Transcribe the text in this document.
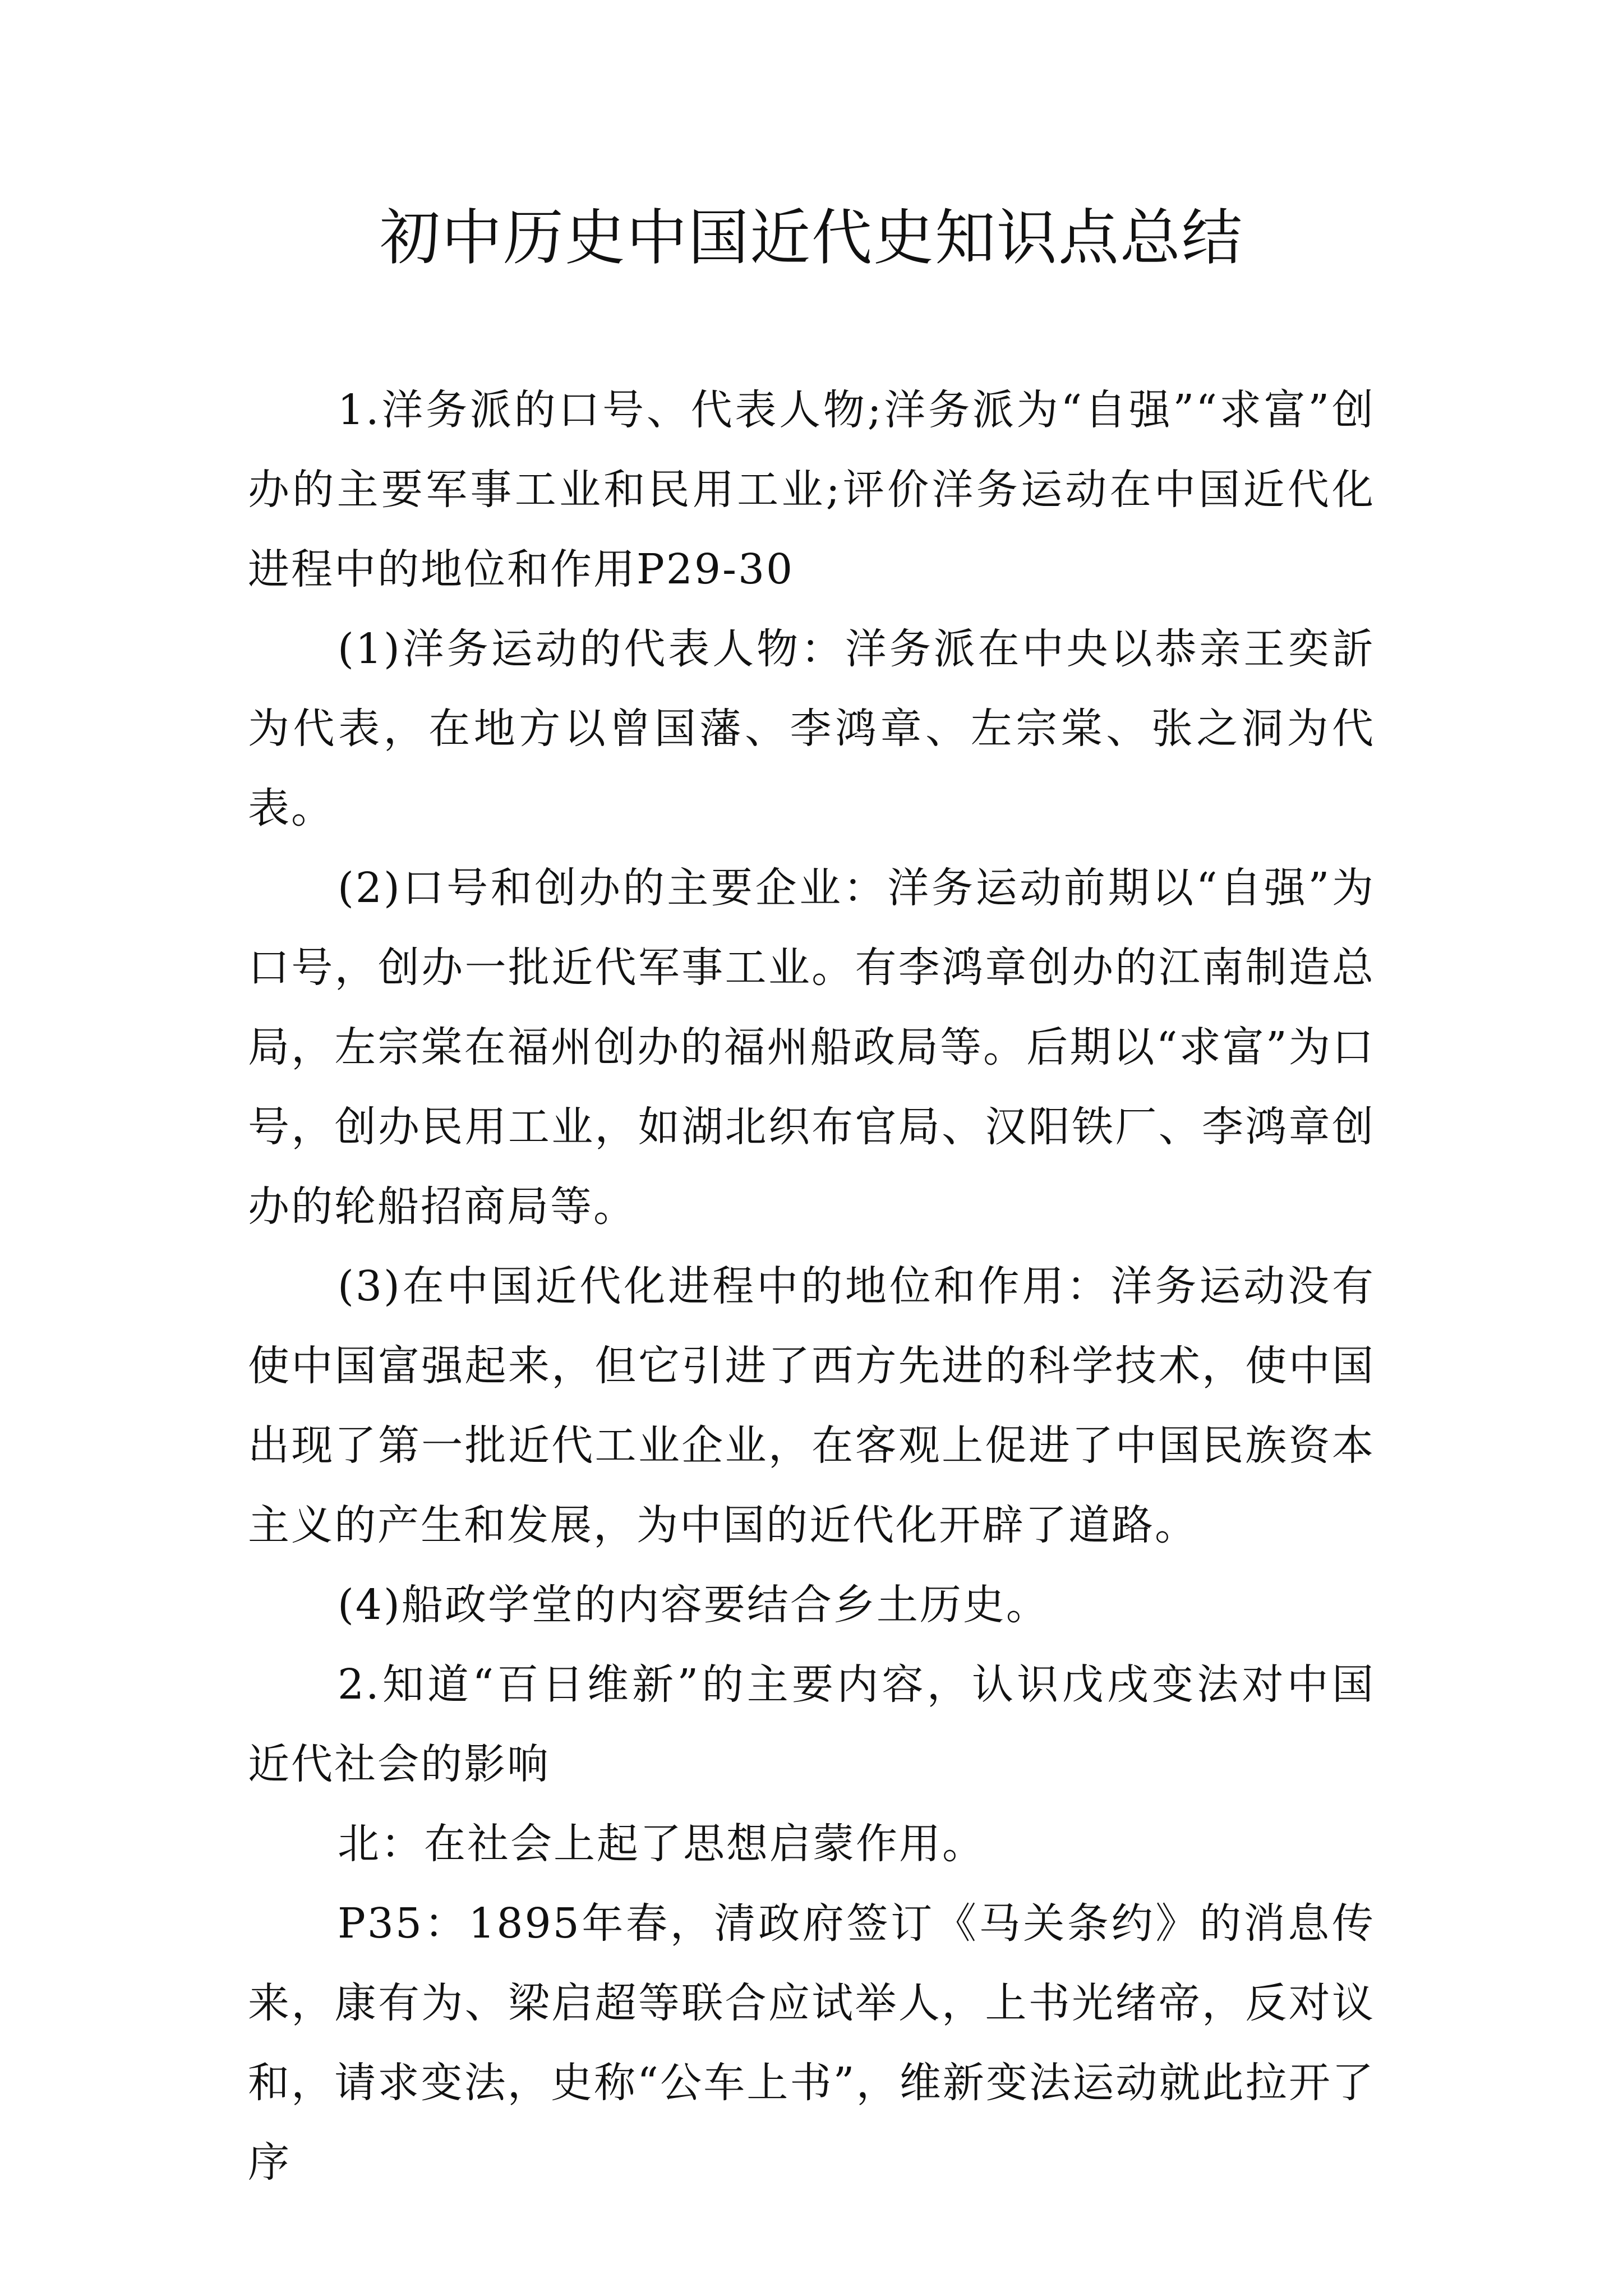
初中历史中国近代史知识点总结

1.洋务派的口号、代表人物;洋务派为“自强”“求富”创办的主要军事工业和民用工业;评价洋务运动在中国近代化进程中的地位和作用P29-30

(1)洋务运动的代表人物：洋务派在中央以恭亲王奕訢为代表，在地方以曾国藩、李鸿章、左宗棠、张之洞为代表。

(2)口号和创办的主要企业：洋务运动前期以“自强”为口号，创办一批近代军事工业。有李鸿章创办的江南制造总局，左宗棠在福州创办的福州船政局等。后期以“求富”为口号，创办民用工业，如湖北织布官局、汉阳铁厂、李鸿章创办的轮船招商局等。

(3)在中国近代化进程中的地位和作用：洋务运动没有使中国富强起来，但它引进了西方先进的科学技术，使中国出现了第一批近代工业企业，在客观上促进了中国民族资本主义的产生和发展，为中国的近代化开辟了道路。

(4)船政学堂的内容要结合乡土历史。

2.知道“百日维新”的主要内容，认识戊戌变法对中国近代社会的影响

北：在社会上起了思想启蒙作用。

P35：1895年春，清政府签订《马关条约》的消息传来，康有为、梁启超等联合应试举人，上书光绪帝，反对议和，请求变法，史称“公车上书”，维新变法运动就此拉开了序
